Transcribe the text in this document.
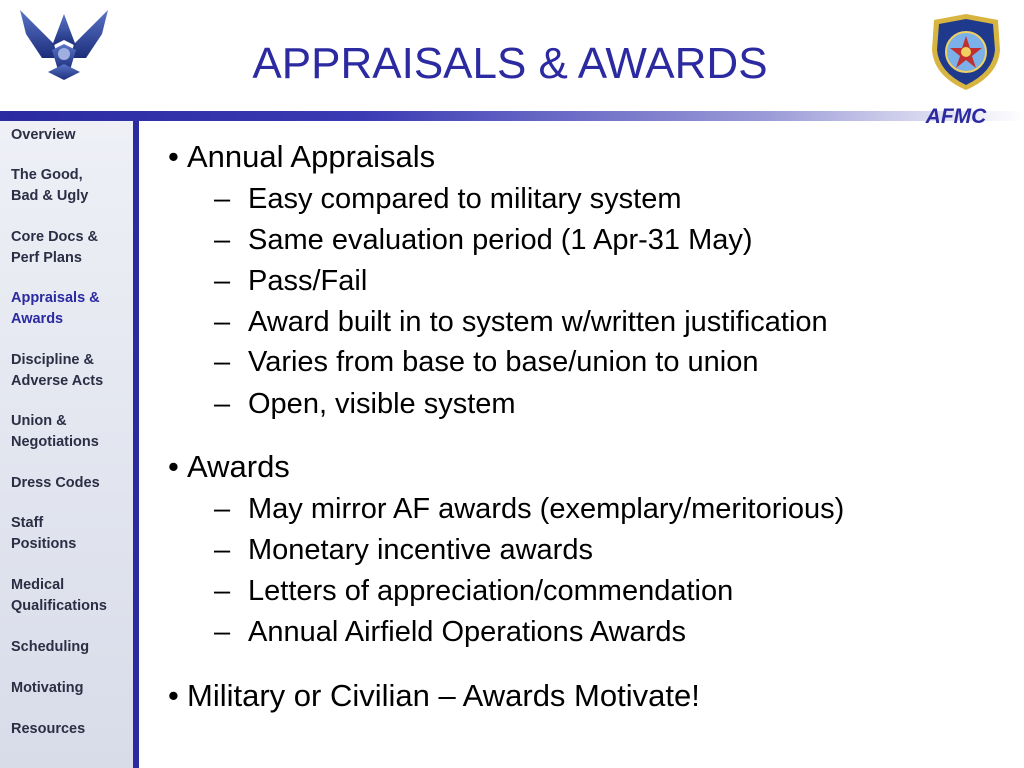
APPRAISALS & AWARDS
AFMC
Overview
The Good,
Bad & Ugly
Core Docs &
Perf Plans
Appraisals &
Awards
Discipline &
Adverse Acts
Union &
Negotiations
Dress Codes
Staff
Positions
Medical
Qualifications
Scheduling
Motivating
Resources
• Annual Appraisals
– Easy compared to military system
– Same evaluation period (1 Apr-31 May)
– Pass/Fail
– Award built in to system w/written justification
– Varies from base to base/union to union
– Open, visible system
• Awards
– May mirror AF awards (exemplary/meritorious)
– Monetary incentive awards
– Letters of appreciation/commendation
– Annual Airfield Operations Awards
• Military or Civilian – Awards Motivate!
